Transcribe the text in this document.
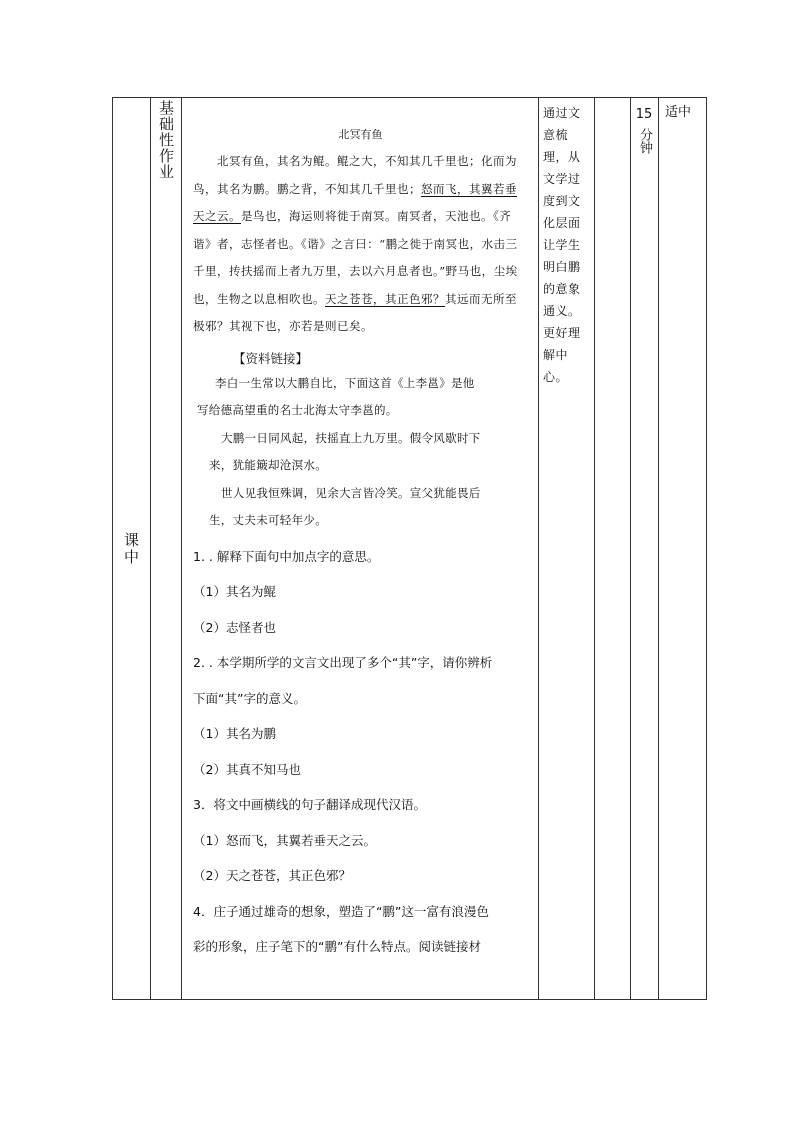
课中
基础性作业	北冥有鱼
北冥有鱼，其名为鲲。鲲之大，不知其几千里也；化而为鸟，其名为鹏。鹏之背，不知其几千里也；怒而飞，其翼若垂天之云。是鸟也，海运则将徙于南冥。南冥者，天池也。《齐谐》者，志怪者也。《谐》之言曰：“鹏之徙于南冥也，水击三千里，抟扶摇而上者九万里，去以六月息者也。”野马也，尘埃也，生物之以息相吹也。天之苍苍，其正色邪？其远而无所至极邪？其视下也，亦若是则已矣。
【资料链接】

李白一生常以大鹏自比，下面这首《上李邕》是他

写给德高望重的名士北海太守李邕的。

大鹏一日同风起，扶摇直上九万里。假令风歇时下

来，犹能簸却沧溟水。

世人见我恒殊调，见余大言皆冷笑。宣父犹能畏后

生，丈夫未可轻年少。

1. . 解释下面句中加点字的意思。

（1）其名为鲲

（2）志怪者也

2. . 本学期所学的文言文出现了多个“其”字，请你辨析

下面“其”字的意义。

（1）其名为鹏

（2）其真不知马也

3．将文中画横线的句子翻译成现代汉语。

（1）怒而飞，其翼若垂天之云。

（2）天之苍苍，其正色邪？

4．庄子通过雄奇的想象，塑造了“鹏”这一富有浪漫色

彩的形象，庄子笔下的“鹏”有什么特点。阅读链接材

通过文意梳理，从文学过度到文化层面让学生明白鹏的意象通义。更好理解中心。
15
分钟
适中
